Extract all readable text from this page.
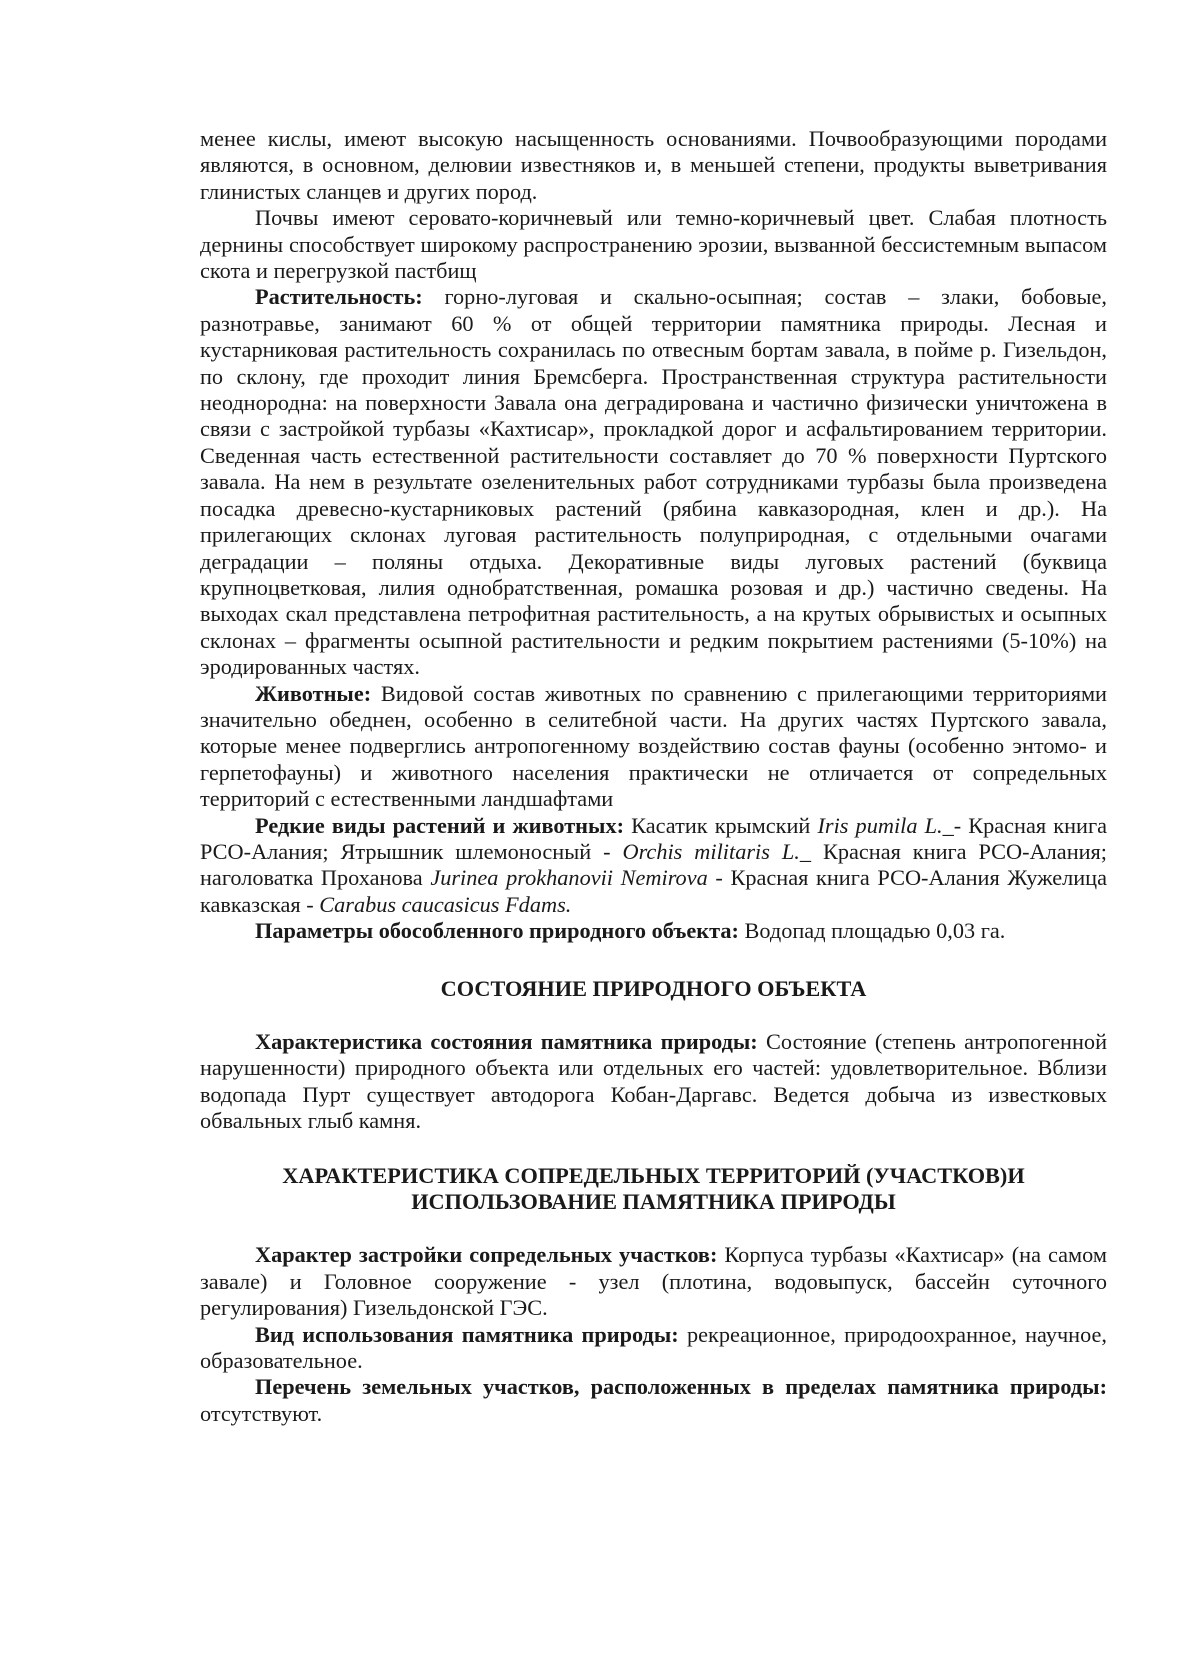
менее кислы, имеют высокую насыщенность основаниями. Почвообразующими породами являются, в основном, делювии известняков и, в меньшей степени, продукты выветривания глинистых сланцев и других пород.

Почвы имеют серовато-коричневый или темно-коричневый цвет. Слабая плотность дернины способствует широкому распространению эрозии, вызванной бессистемным выпасом скота и перегрузкой пастбищ

Растительность: горно-луговая и скально-осыпная; состав – злаки, бобовые, разнотравье, занимают 60 % от общей территории памятника природы. Лесная и кустарниковая растительность сохранилась по отвесным бортам завала, в пойме р. Гизельдон, по склону, где проходит линия Бремсберга. Пространственная структура растительности неоднородна: на поверхности Завала она деградирована и частично физически уничтожена в связи с застройкой турбазы «Кахтисар», прокладкой дорог и асфальтированием территории. Сведенная часть естественной растительности составляет до 70 % поверхности Пуртского завала. На нем в результате озеленительных работ сотрудниками турбазы была произведена посадка древесно-кустарниковых растений (рябина кавказородная, клен и др.). На прилегающих склонах луговая растительность полуприродная, с отдельными очагами деградации – поляны отдыха. Декоративные виды луговых растений (буквица крупноцветковая, лилия однобратственная, ромашка розовая и др.) частично сведены. На выходах скал представлена петрофитная растительность, а на крутых обрывистых и осыпных склонах – фрагменты осыпной растительности и редким покрытием растениями (5-10%) на эродированных частях.

Животные: Видовой состав животных по сравнению с прилегающими территориями значительно обеднен, особенно в селитебной части. На других частях Пуртского завала, которые менее подверглись антропогенному воздействию состав фауны (особенно энтомо- и герпетофауны) и животного населения практически не отличается от сопредельных территорий с естественными ландшафтами

Редкие виды растений и животных: Касатик крымский Iris pumila L._- Красная книга РСО-Алания; Ятрышник шлемоносный - Orchis militaris L._ Красная книга РСО-Алания; наголоватка Проханова Jurinea prokhanovii Nemirova - Красная книга РСО-Алания Жужелица кавказская - Carabus caucasicus Fdams.

Параметры обособленного природного объекта: Водопад площадью 0,03 га.

СОСТОЯНИЕ ПРИРОДНОГО ОБЪЕКТА

Характеристика состояния памятника природы: Состояние (степень антропогенной нарушенности) природного объекта или отдельных его частей: удовлетворительное. Вблизи водопада Пурт существует автодорога Кобан-Даргавс. Ведется добыча из известковых обвальных глыб камня.

ХАРАКТЕРИСТИКА СОПРЕДЕЛЬНЫХ ТЕРРИТОРИЙ (УЧАСТКОВ)И
ИСПОЛЬЗОВАНИЕ ПАМЯТНИКА ПРИРОДЫ

Характер застройки сопредельных участков: Корпуса турбазы «Кахтисар» (на самом завале) и Головное сооружение - узел (плотина, водовыпуск, бассейн суточного регулирования) Гизельдонской ГЭС.

Вид использования памятника природы: рекреационное, природоохранное, научное, образовательное.

Перечень земельных участков, расположенных в пределах памятника природы: отсутствуют.
